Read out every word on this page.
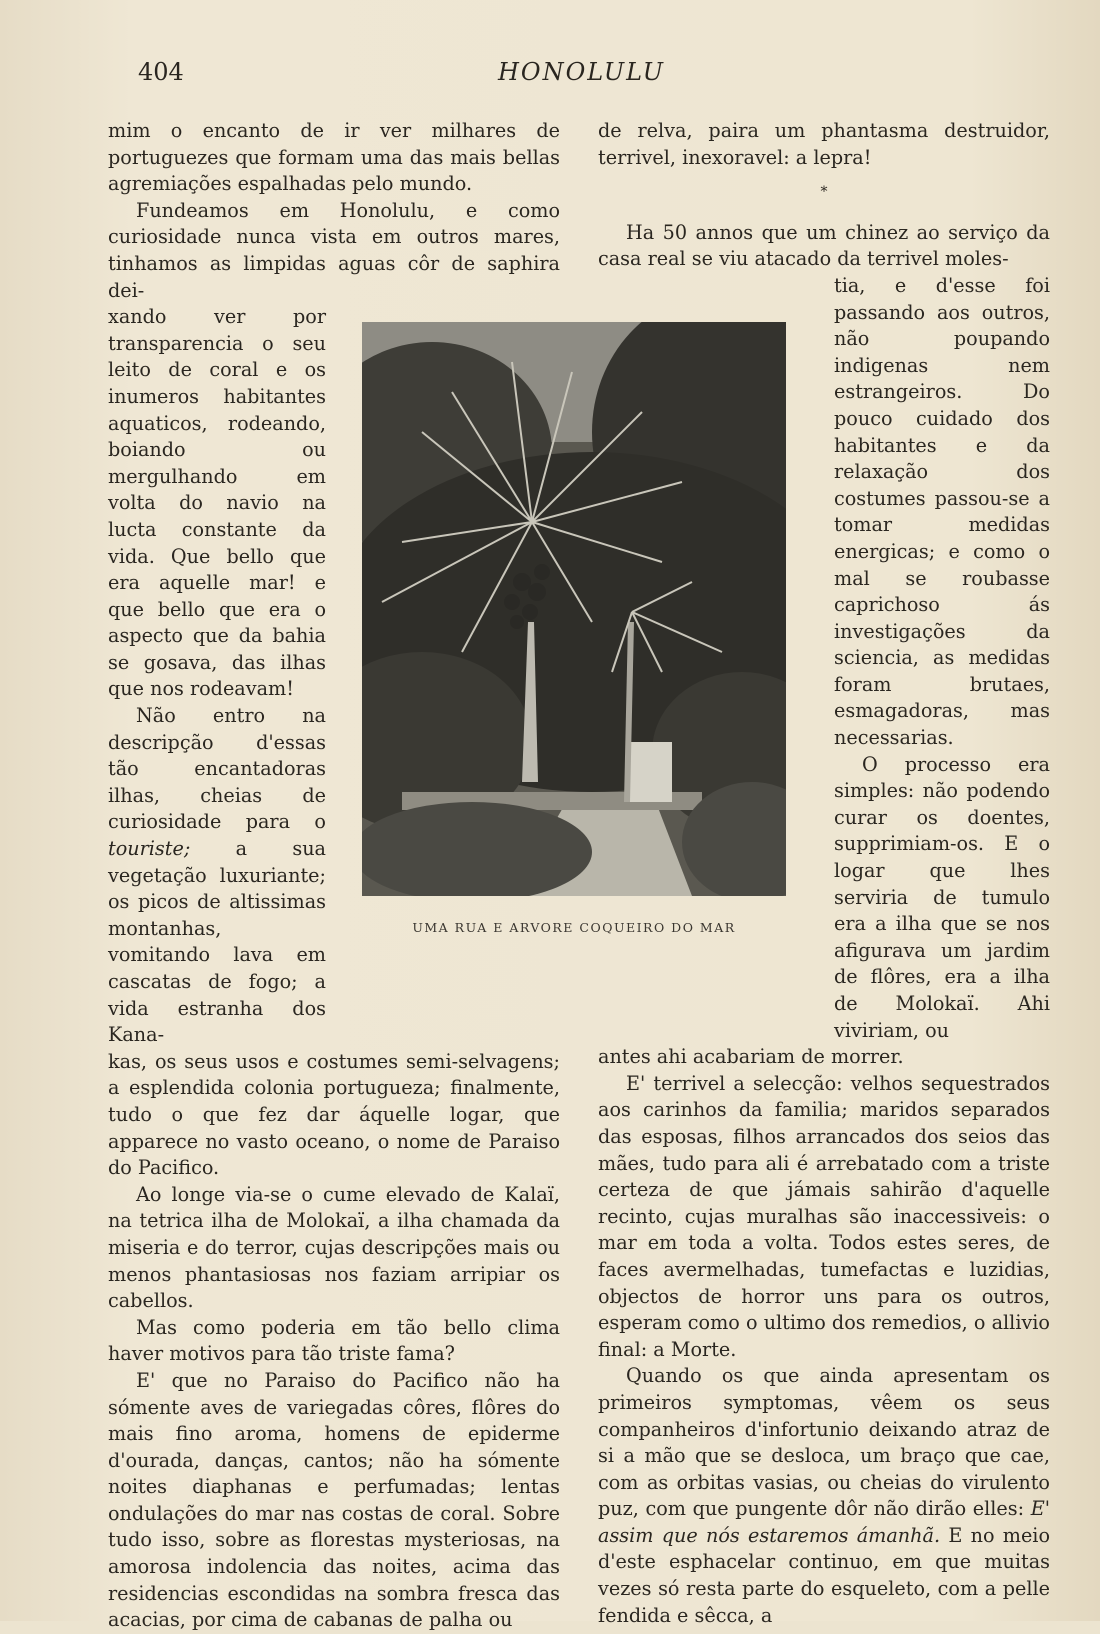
404	HONOLULU

mim o encanto de ir ver milhares de portuguezes que formam uma das mais bellas agremiações espalhadas pelo mundo.

Fundeamos em Honolulu, e como curiosidade nunca vista em outros mares, tinhamos as limpidas aguas côr de saphira dei-

xando ver por transparencia o seu leito de coral e os inumeros habitantes aquaticos, rodeando, boiando ou mergulhando em volta do navio na lucta constante da vida. Que bello que era aquelle mar! e que bello que era o aspecto que da bahia se gosava, das ilhas que nos rodeavam!

Não entro na descripção d'essas tão encantadoras ilhas, cheias de curiosidade para o touriste; a sua vegetação luxuriante; os picos de altissimas montanhas, vomitando lava em cascatas de fogo; a vida estranha dos Kana-

kas, os seus usos e costumes semi-selvagens; a esplendida colonia portugueza; finalmente, tudo o que fez dar áquelle logar, que apparece no vasto oceano, o nome de Paraiso do Pacifico.

Ao longe via-se o cume elevado de Kalaï, na tetrica ilha de Molokaï, a ilha chamada da miseria e do terror, cujas descripções mais ou menos phantasiosas nos faziam arripiar os cabellos.

Mas como poderia em tão bello clima haver motivos para tão triste fama?

E' que no Paraiso do Pacifico não ha sómente aves de variegadas côres, flôres do mais fino aroma, homens de epiderme d'ourada, danças, cantos; não ha sómente noites diaphanas e perfumadas; lentas ondulações do mar nas costas de coral. Sobre tudo isso, sobre as florestas mysteriosas, na amorosa indolencia das noites, acima das residencias escondidas na sombra fresca das acacias, por cima de cabanas de palha ou

de relva, paira um phantasma destruidor, terrivel, inexoravel: a lepra!

*

Ha 50 annos que um chinez ao serviço da casa real se viu atacado da terrivel moles-

tia, e d'esse foi passando aos outros, não poupando indigenas nem estrangeiros. Do pouco cuidado dos habitantes e da relaxação dos costumes passou-se a tomar medidas energicas; e como o mal se roubasse caprichoso ás investigações da sciencia, as medidas foram brutaes, esmagadoras, mas necessarias.

O processo era simples: não podendo curar os doentes, supprimiam-os. E o logar que lhes serviria de tumulo era a ilha que se nos afigurava um jardim de flôres, era a ilha de Molokaï. Ahi viviriam, ou

antes ahi acabariam de morrer.

E' terrivel a selecção: velhos sequestrados aos carinhos da familia; maridos separados das esposas, filhos arrancados dos seios das mães, tudo para ali é arrebatado com a triste certeza de que jámais sahirão d'aquelle recinto, cujas muralhas são inaccessiveis: o mar em toda a volta. Todos estes seres, de faces avermelhadas, tumefactas e luzidias, objectos de horror uns para os outros, esperam como o ultimo dos remedios, o allivio final: a Morte.

Quando os que ainda apresentam os primeiros symptomas, vêem os seus companheiros d'infortunio deixando atraz de si a mão que se desloca, um braço que cae, com as orbitas vasias, ou cheias do virulento puz, com que pungente dôr não dirão elles: E' assim que nós estaremos ámanhã. E no meio d'este esphacelar continuo, em que muitas vezes só resta parte do esqueleto, com a pelle fendida e sêcca, a

UMA RUA E ARVORE COQUEIRO DO MAR
